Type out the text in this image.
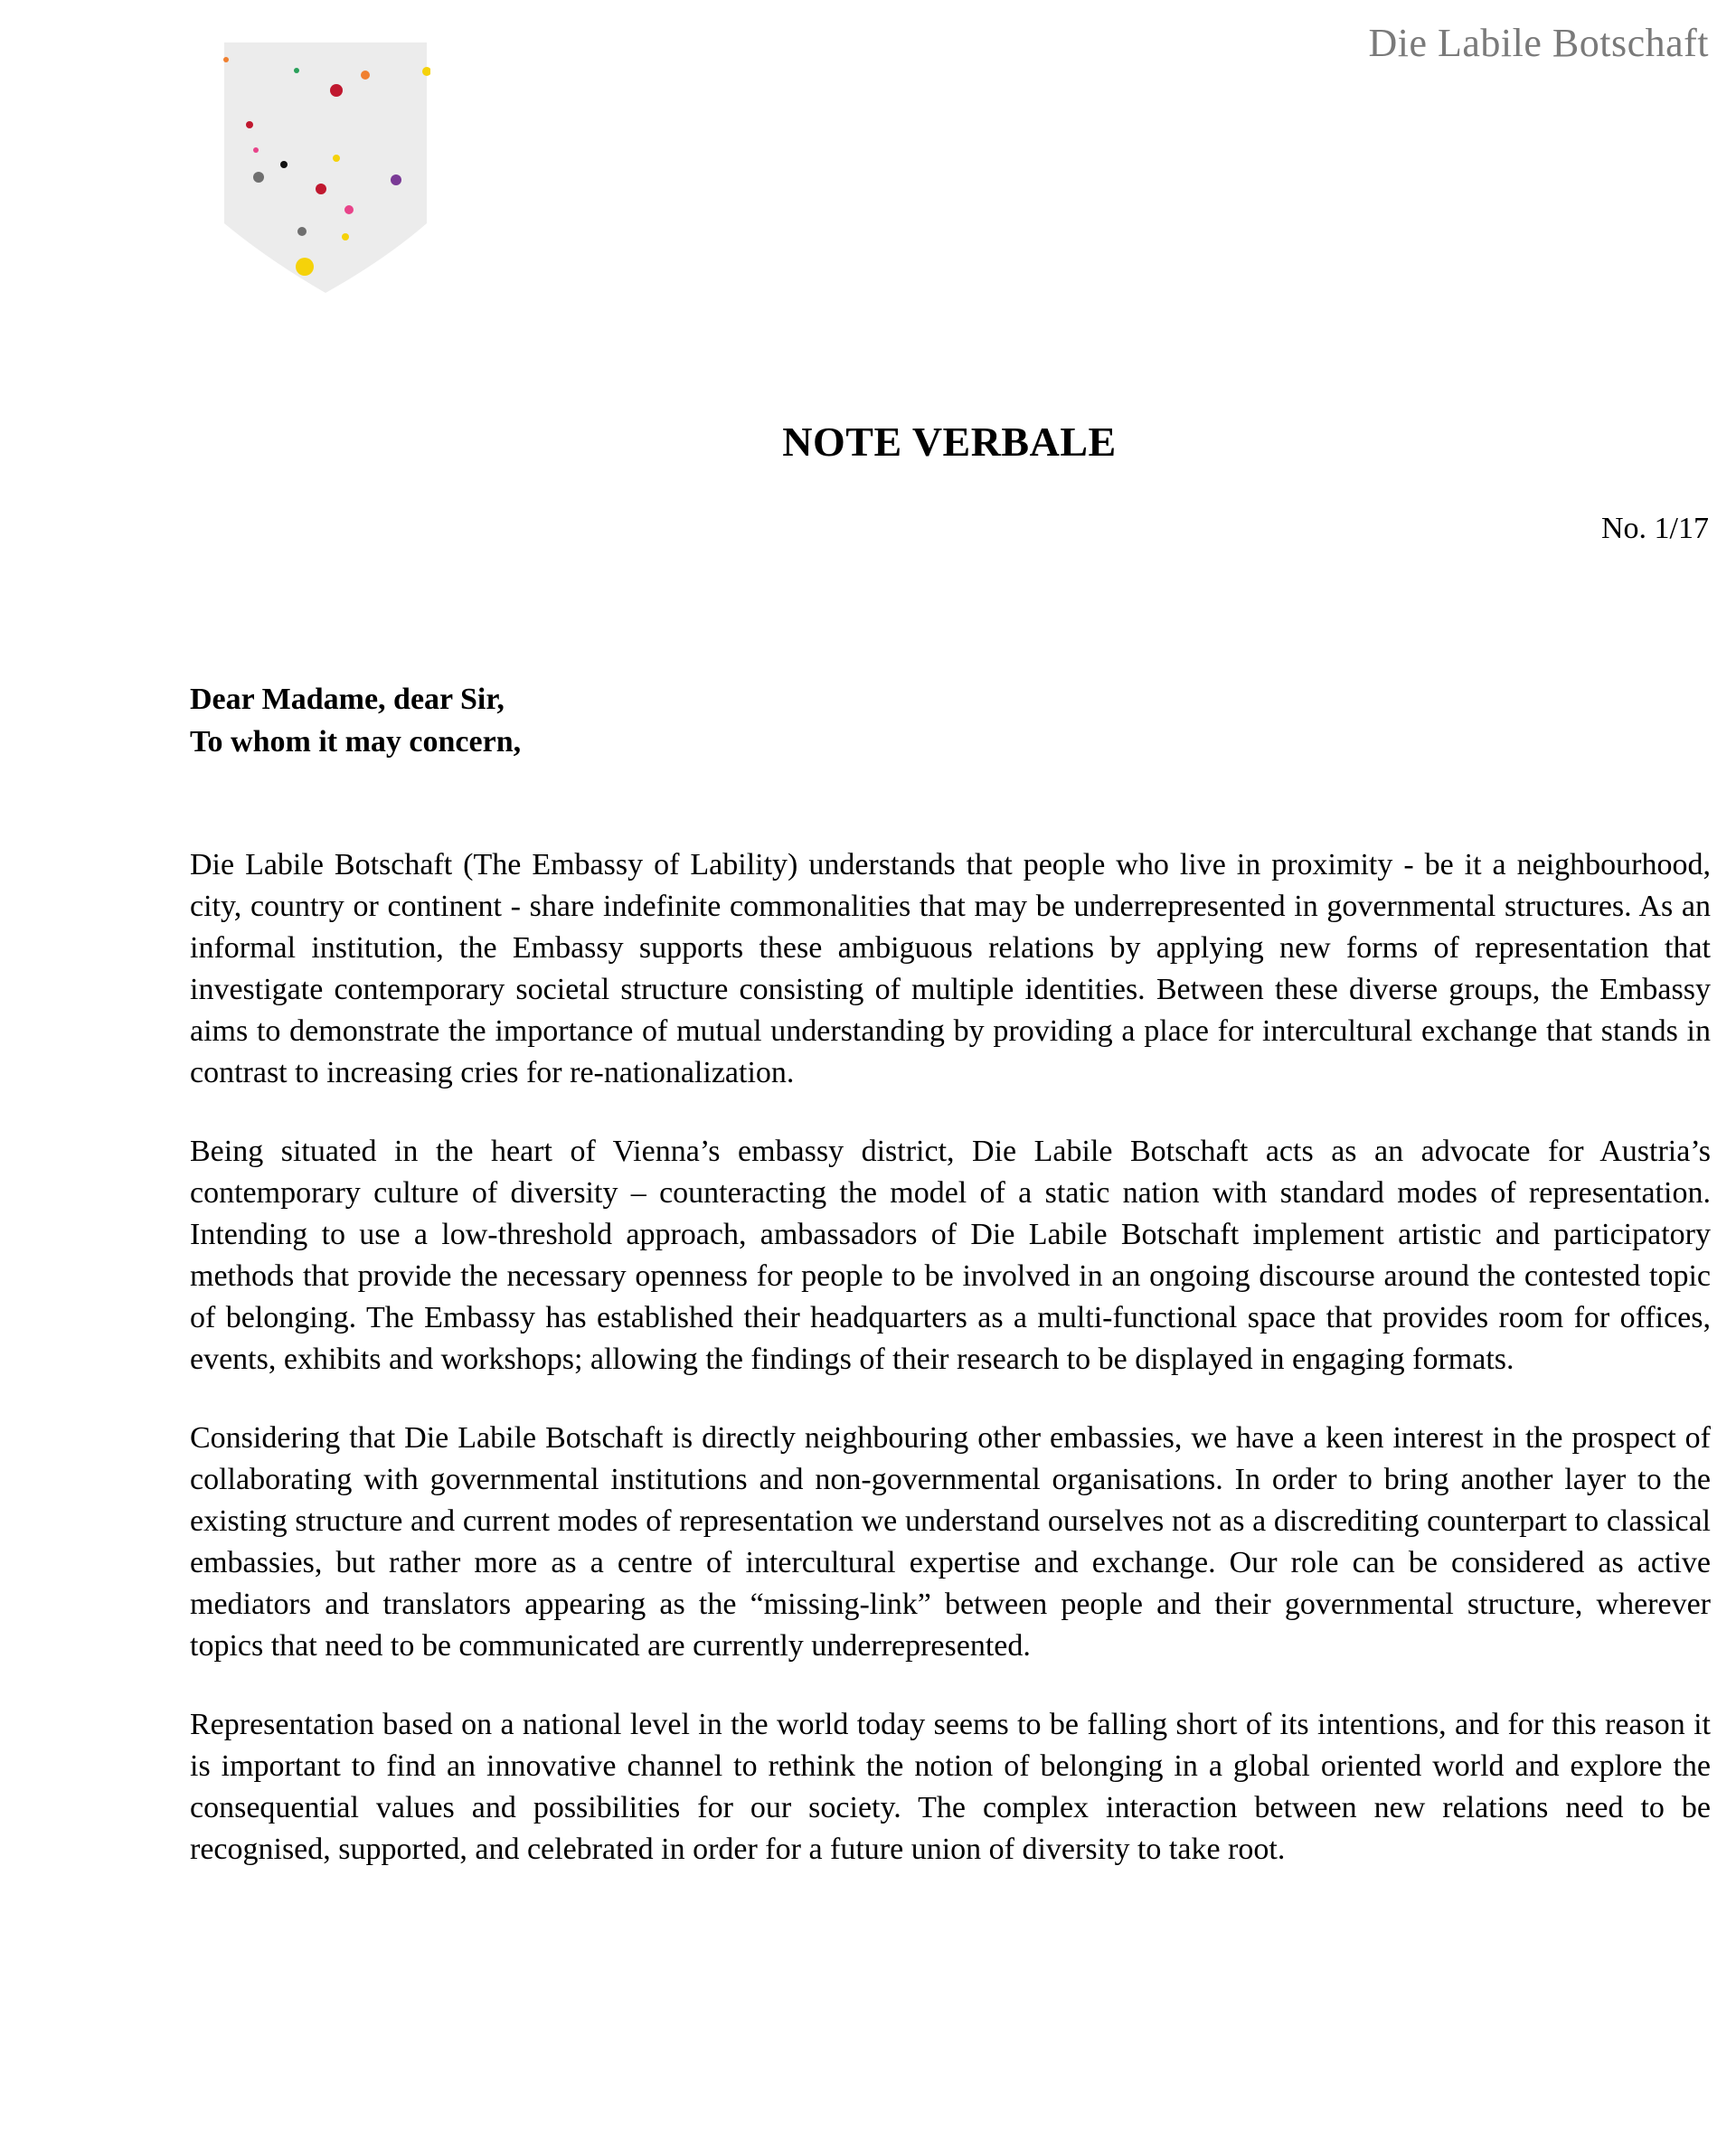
Die Labile Botschaft
NOTE VERBALE
No. 1/17
Dear Madame, dear Sir,
To whom it may concern,

Die Labile Botschaft (The Embassy of Lability) understands that people who live in proximity - be it a neighbourhood, city, country or continent - share indefinite commonalities that may be underrepresented in governmental structures. As an informal institution, the Embassy supports these ambiguous relations by applying new forms of representation that investigate contemporary societal structure consisting of multiple identities. Between these diverse groups, the Embassy aims to demonstrate the importance of mutual understanding by providing a place for intercultural exchange that stands in contrast to increasing cries for re-nationalization.

Being situated in the heart of Vienna’s embassy district, Die Labile Botschaft acts as an advocate for Austria’s contemporary culture of diversity – counteracting the model of a static nation with standard modes of representation. Intending to use a low-threshold approach, ambassadors of Die Labile Botschaft implement artistic and participatory methods that provide the necessary openness for people to be involved in an ongoing discourse around the contested topic of belonging. The Embassy has established their headquarters as a multi-functional space that provides room for offices, events, exhibits and workshops; allowing the findings of their research to be displayed in engaging formats.

Considering that Die Labile Botschaft is directly neighbouring other embassies, we have a keen interest in the prospect of collaborating with governmental institutions and non-governmental organisations. In order to bring another layer to the existing structure and current modes of representation we understand ourselves not as a discrediting counterpart to classical embassies, but rather more as a centre of intercultural expertise and exchange. Our role can be considered as active mediators and translators appearing as the “missing-link” between people and their governmental structure, wherever topics that need to be communicated are currently underrepresented.

Representation based on a national level in the world today seems to be falling short of its intentions, and for this reason it is important to find an innovative channel to rethink the notion of belonging in a global oriented world and explore the consequential values and possibilities for our society. The complex interaction between new relations need to be recognised, supported, and celebrated in order for a future union of diversity to take root.
